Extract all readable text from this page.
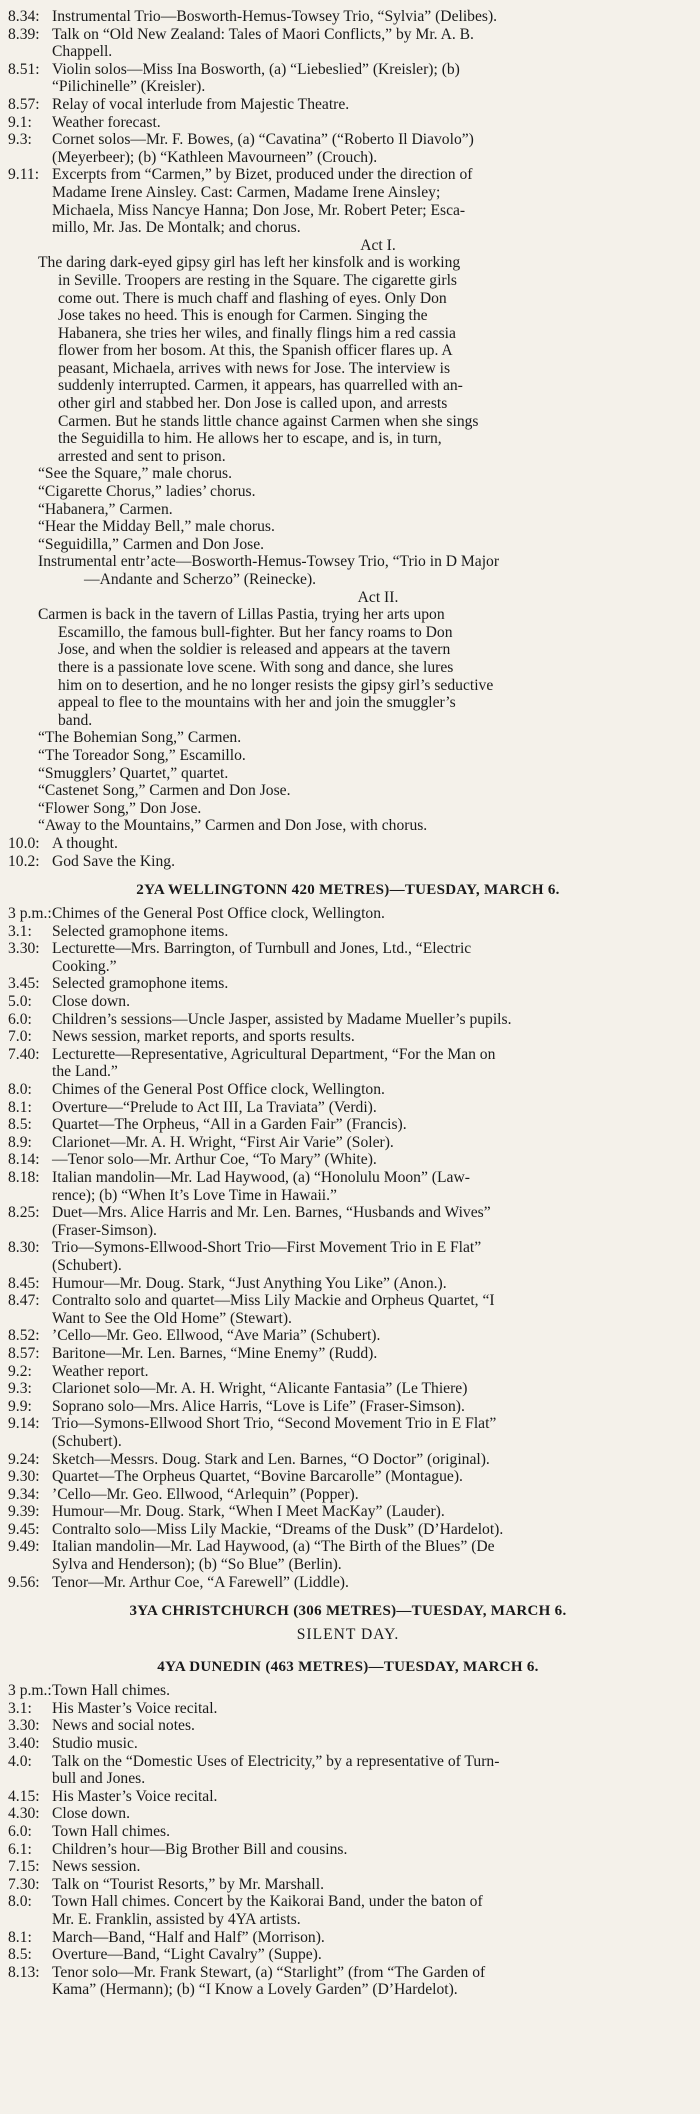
8.34: Instrumental Trio—Bosworth-Hemus-Towsey Trio, “Sylvia” (Delibes).
8.39: Talk on “Old New Zealand: Tales of Maori Conflicts,” by Mr. A. B.
Chappell.
8.51: Violin solos—Miss Ina Bosworth, (a) “Liebeslied” (Kreisler); (b)
“Pilichinelle” (Kreisler).
8.57: Relay of vocal interlude from Majestic Theatre.
9.1:	Weather forecast.
9.3:	Cornet solos—Mr. F. Bowes, (a) “Cavatina” (“Roberto Il Diavolo”)
(Meyerbeer); (b) “Kathleen Mavourneen” (Crouch).
9.11: Excerpts from “Carmen,” by Bizet, produced under the direction of
Madame Irene Ainsley. Cast: Carmen, Madame Irene Ainsley;
Michaela, Miss Nancye Hanna; Don Jose, Mr. Robert Peter; Esca-
millo, Mr. Jas. De Montalk; and chorus.
Act I.
The daring dark-eyed gipsy girl has left her kinsfolk and is working
in Seville. Troopers are resting in the Square. The cigarette girls
come out. There is much chaff and flashing of eyes. Only Don
Jose takes no heed. This is enough for Carmen. Singing the
Habanera, she tries her wiles, and finally flings him a red cassia
flower from her bosom. At this, the Spanish officer flares up. A
peasant, Michaela, arrives with news for Jose. The interview is
suddenly interrupted. Carmen, it appears, has quarrelled with an-
other girl and stabbed her. Don Jose is called upon, and arrests
Carmen. But he stands little chance against Carmen when she sings
the Seguidilla to him. He allows her to escape, and is, in turn,
arrested and sent to prison.
“See the Square,” male chorus.
“Cigarette Chorus,” ladies’ chorus.
“Habanera,” Carmen.
“Hear the Midday Bell,” male chorus.
“Seguidilla,” Carmen and Don Jose.
Instrumental entr’acte—Bosworth-Hemus-Towsey Trio, “Trio in D Major
—Andante and Scherzo” (Reinecke).
Act II.
Carmen is back in the tavern of Lillas Pastia, trying her arts upon
Escamillo, the famous bull-fighter. But her fancy roams to Don
Jose, and when the soldier is released and appears at the tavern
there is a passionate love scene. With song and dance, she lures
him on to desertion, and he no longer resists the gipsy girl’s seductive
appeal to flee to the mountains with her and join the smuggler’s
band.
“The Bohemian Song,” Carmen.
“The Toreador Song,” Escamillo.
“Smugglers’ Quartet,” quartet.
“Castenet Song,” Carmen and Don Jose.
“Flower Song,” Don Jose.
“Away to the Mountains,” Carmen and Don Jose, with chorus.
10.0: A thought.
10.2: God Save the King.
2YA WELLINGTONN 420 METRES)—TUESDAY, MARCH 6.
3 p.m.: Chimes of the General Post Office clock, Wellington.
3.1:	Selected gramophone items.
3.30: Lecturette—Mrs. Barrington, of Turnbull and Jones, Ltd., “Electric
Cooking.”
3.45: Selected gramophone items.
5.0:	Close down.
6.0:	Children’s sessions—Uncle Jasper, assisted by Madame Mueller’s pupils.
7.0:	News session, market reports, and sports results.
7.40: Lecturette—Representative, Agricultural Department, “For the Man on
the Land.”
8.0:	Chimes of the General Post Office clock, Wellington.
8.1:	Overture—“Prelude to Act III, La Traviata” (Verdi).
8.5:	Quartet—The Orpheus, “All in a Garden Fair” (Francis).
8.9:	Clarionet—Mr. A. H. Wright, “First Air Varie” (Soler).
8.14: —Tenor solo—Mr. Arthur Coe, “To Mary” (White).
8.18: Italian mandolin—Mr. Lad Haywood, (a) “Honolulu Moon” (Law-
rence); (b) “When It’s Love Time in Hawaii.”
8.25: Duet—Mrs. Alice Harris and Mr. Len. Barnes, “Husbands and Wives”
(Fraser-Simson).
8.30: Trio—Symons-Ellwood-Short Trio—First Movement Trio in E Flat”
(Schubert).
8.45: Humour—Mr. Doug. Stark, “Just Anything You Like” (Anon.).
8.47: Contralto solo and quartet—Miss Lily Mackie and Orpheus Quartet, “I
Want to See the Old Home” (Stewart).
8.52: ’Cello—Mr. Geo. Ellwood, “Ave Maria” (Schubert).
8.57: Baritone—Mr. Len. Barnes, “Mine Enemy” (Rudd).
9.2:	Weather report.
9.3:	Clarionet solo—Mr. A. H. Wright, “Alicante Fantasia” (Le Thiere)
9.9:	Soprano solo—Mrs. Alice Harris, “Love is Life” (Fraser-Simson).
9.14: Trio—Symons-Ellwood Short Trio, “Second Movement Trio in E Flat”
(Schubert).
9.24: Sketch—Messrs. Doug. Stark and Len. Barnes, “O Doctor” (original).
9.30: Quartet—The Orpheus Quartet, “Bovine Barcarolle” (Montague).
9.34: ’Cello—Mr. Geo. Ellwood, “Arlequin” (Popper).
9.39: Humour—Mr. Doug. Stark, “When I Meet MacKay” (Lauder).
9.45: Contralto solo—Miss Lily Mackie, “Dreams of the Dusk” (D’Hardelot).
9.49: Italian mandolin—Mr. Lad Haywood, (a) “The Birth of the Blues” (De
Sylva and Henderson); (b) “So Blue” (Berlin).
9.56: Tenor—Mr. Arthur Coe, “A Farewell” (Liddle).
3YA CHRISTCHURCH (306 METRES)—TUESDAY, MARCH 6.
SILENT DAY.
4YA DUNEDIN (463 METRES)—TUESDAY, MARCH 6.
3 p.m.: Town Hall chimes.
3.1:	His Master’s Voice recital.
3.30: News and social notes.
3.40: Studio music.
4.0:	Talk on the “Domestic Uses of Electricity,” by a representative of Turn-
bull and Jones.
4.15: His Master’s Voice recital.
4.30: Close down.
6.0:	Town Hall chimes.
6.1:	Children’s hour—Big Brother Bill and cousins.
7.15: News session.
7.30: Talk on “Tourist Resorts,” by Mr. Marshall.
8.0:	Town Hall chimes. Concert by the Kaikorai Band, under the baton of
Mr. E. Franklin, assisted by 4YA artists.
8.1:	March—Band, “Half and Half” (Morrison).
8.5:	Overture—Band, “Light Cavalry” (Suppe).
8.13: Tenor solo—Mr. Frank Stewart, (a) “Starlight” (from “The Garden of
Kama” (Hermann); (b) “I Know a Lovely Garden” (D’Hardelot).
